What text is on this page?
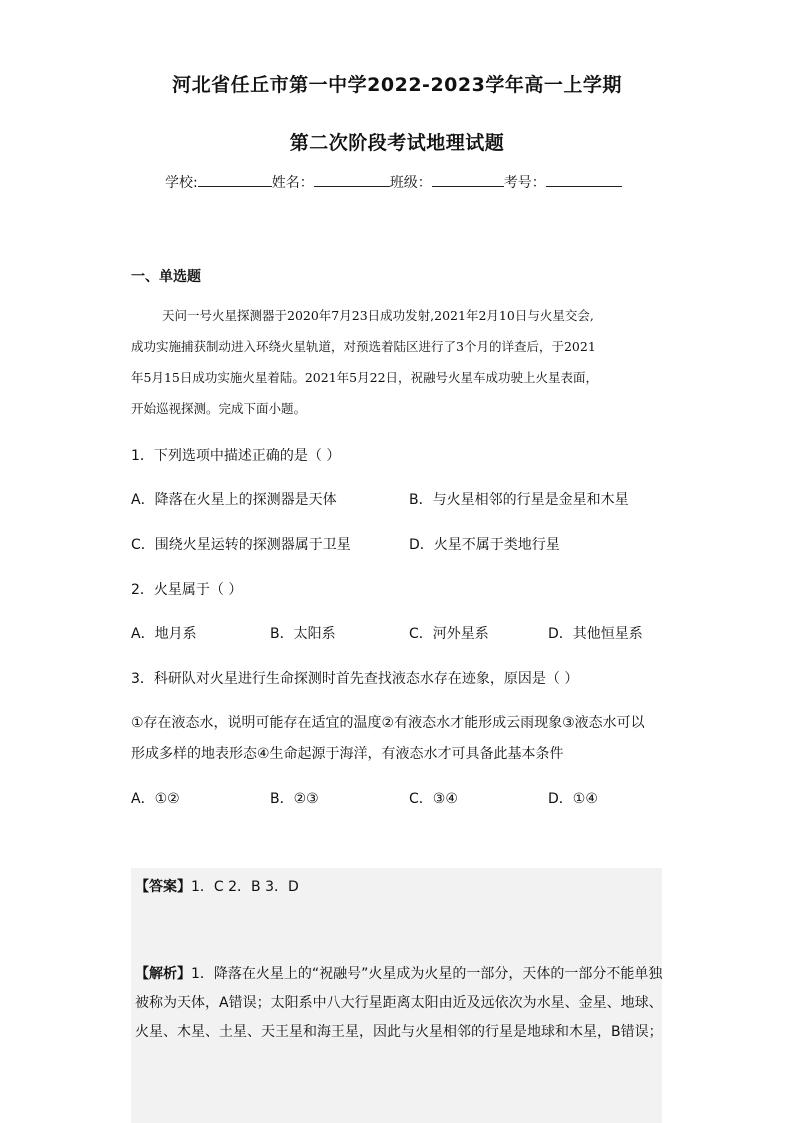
河北省任丘市第一中学2022-2023学年高一上学期
第二次阶段考试地理试题
学校:	姓名：	班级：	考号：
一、单选题
天问一号火星探测器于2020年7月23日成功发射,2021年2月10日与火星交会,
成功实施捕获制动进入环绕火星轨道，对预选着陆区进行了3个月的详查后，于2021
年5月15日成功实施火星着陆。2021年5月22日，祝融号火星车成功驶上火星表面，
开始巡视探测。完成下面小题。
1．下列选项中描述正确的是（ ）
A．降落在火星上的探测器是天体	B．与火星相邻的行星是金星和木星
C．围绕火星运转的探测器属于卫星	D．火星不属于类地行星
2．火星属于（ ）
A．地月系	B．太阳系	C．河外星系	D．其他恒星系
3．科研队对火星进行生命探测时首先查找液态水存在迹象，原因是（ ）
①存在液态水，说明可能存在适宜的温度②有液态水才能形成云雨现象③液态水可以
形成多样的地表形态④生命起源于海洋，有液态水才可具备此基本条件
A．①②	B．②③	C．③④	D．①④
【答案】1．C 2．B 3．D
【解析】1．降落在火星上的“祝融号”火星成为火星的一部分，天体的一部分不能单独
被称为天体，A错误；太阳系中八大行星距离太阳由近及远依次为水星、金星、地球、
火星、木星、土星、天王星和海王星，因此与火星相邻的行星是地球和木星，B错误；
